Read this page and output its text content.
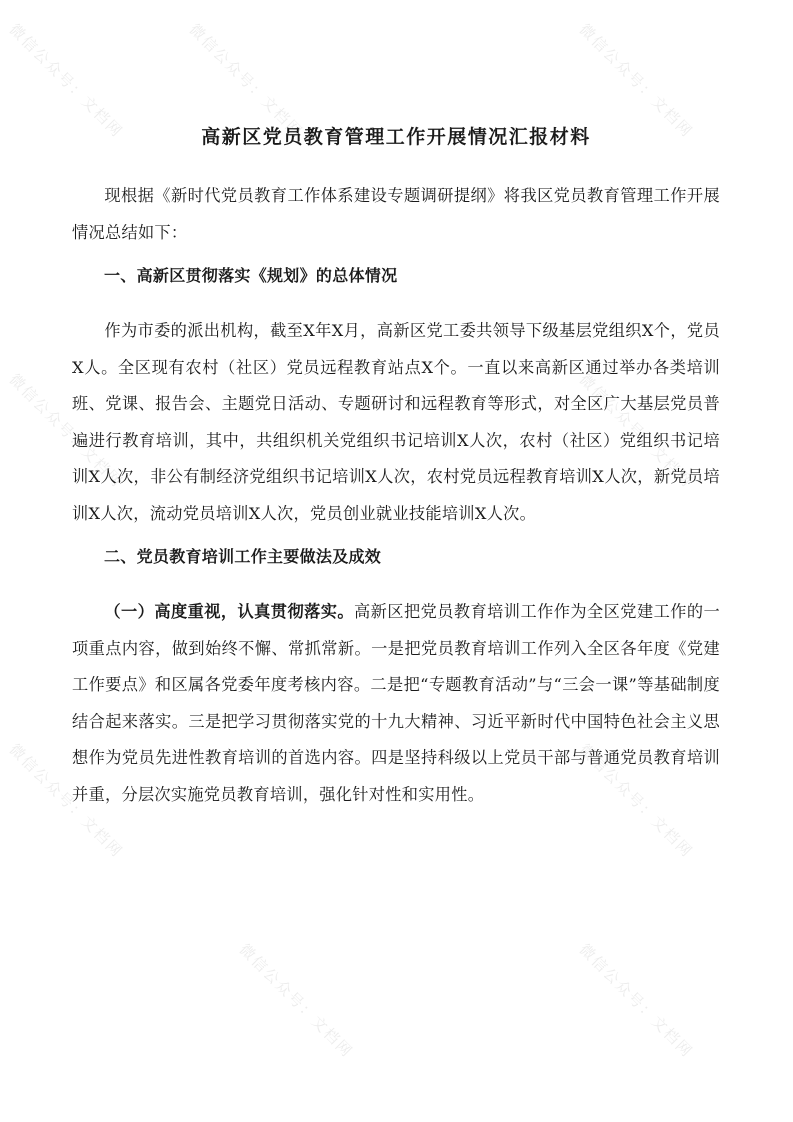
微信公众号：文档网	微信公众号：文档网	微信公众号：文档网
微信公众号：文档网	微信公众号：文档网
微信公众号：文档网	微信公众号：文档网
微信公众号：文档网	微信公众号：文档网
高新区党员教育管理工作开展情况汇报材料

现根据《新时代党员教育工作体系建设专题调研提纲》将我区党员教育管理工作开展情况总结如下：

一、高新区贯彻落实《规划》的总体情况

作为市委的派出机构，截至X年X月，高新区党工委共领导下级基层党组织X个，党员X人。全区现有农村（社区）党员远程教育站点X个。一直以来高新区通过举办各类培训班、党课、报告会、主题党日活动、专题研讨和远程教育等形式，对全区广大基层党员普遍进行教育培训，其中，共组织机关党组织书记培训X人次，农村（社区）党组织书记培训X人次，非公有制经济党组织书记培训X人次，农村党员远程教育培训X人次，新党员培训X人次，流动党员培训X人次，党员创业就业技能培训X人次。

二、党员教育培训工作主要做法及成效

（一）高度重视，认真贯彻落实。高新区把党员教育培训工作作为全区党建工作的一项重点内容，做到始终不懈、常抓常新。一是把党员教育培训工作列入全区各年度《党建工作要点》和区属各党委年度考核内容。二是把“专题教育活动”与“三会一课”等基础制度结合起来落实。三是把学习贯彻落实党的十九大精神、习近平新时代中国特色社会主义思想作为党员先进性教育培训的首选内容。四是坚持科级以上党员干部与普通党员教育培训并重，分层次实施党员教育培训，强化针对性和实用性。
